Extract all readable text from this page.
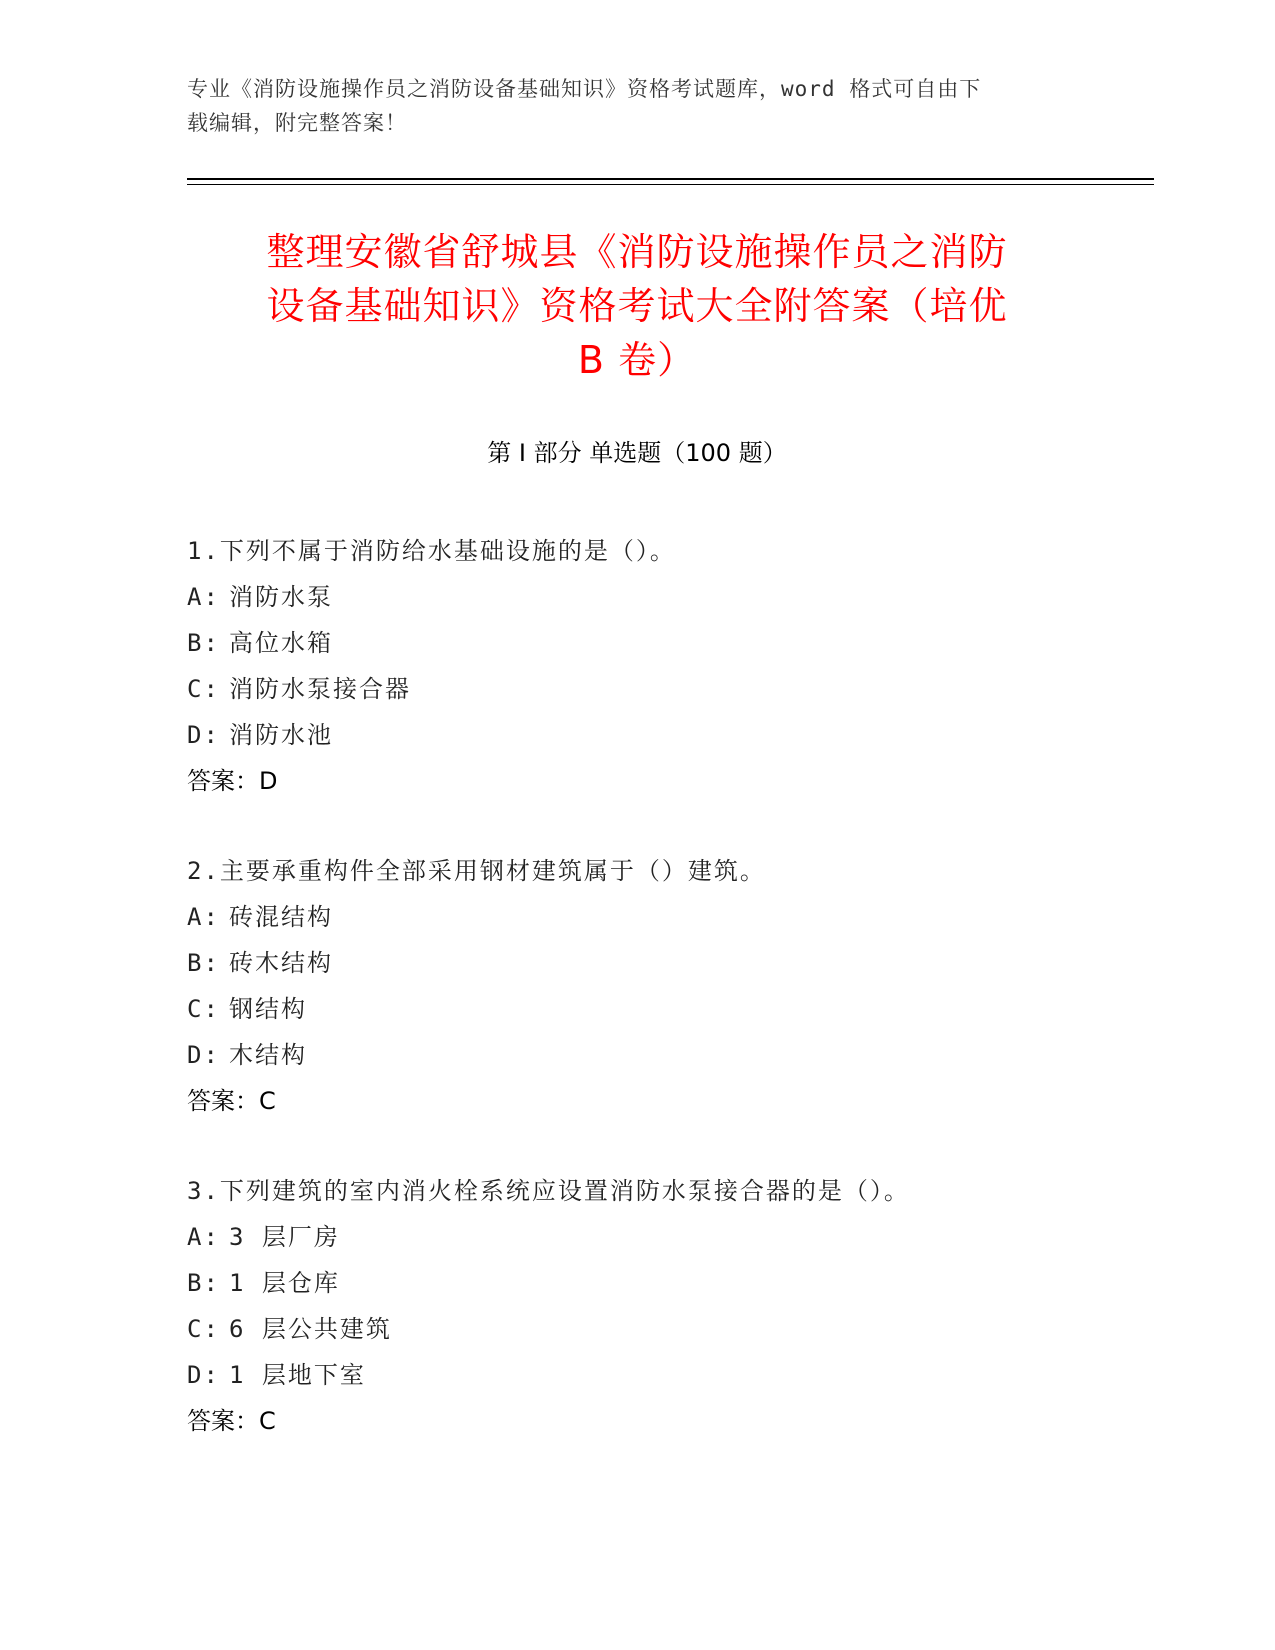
专业《消防设施操作员之消防设备基础知识》资格考试题库，word 格式可自由下
载编辑，附完整答案！
整理安徽省舒城县《消防设施操作员之消防
设备基础知识》资格考试大全附答案（培优
B 卷）
第 I 部分 单选题（100 题）
1.下列不属于消防给水基础设施的是（）。
A: 消防水泵
B: 高位水箱
C: 消防水泵接合器
D: 消防水池
答案：D
2.主要承重构件全部采用钢材建筑属于（）建筑。
A: 砖混结构
B: 砖木结构
C: 钢结构
D: 木结构
答案：C
3.下列建筑的室内消火栓系统应设置消防水泵接合器的是（）。
A: 3 层厂房
B: 1 层仓库
C: 6 层公共建筑
D: 1 层地下室
答案：C
